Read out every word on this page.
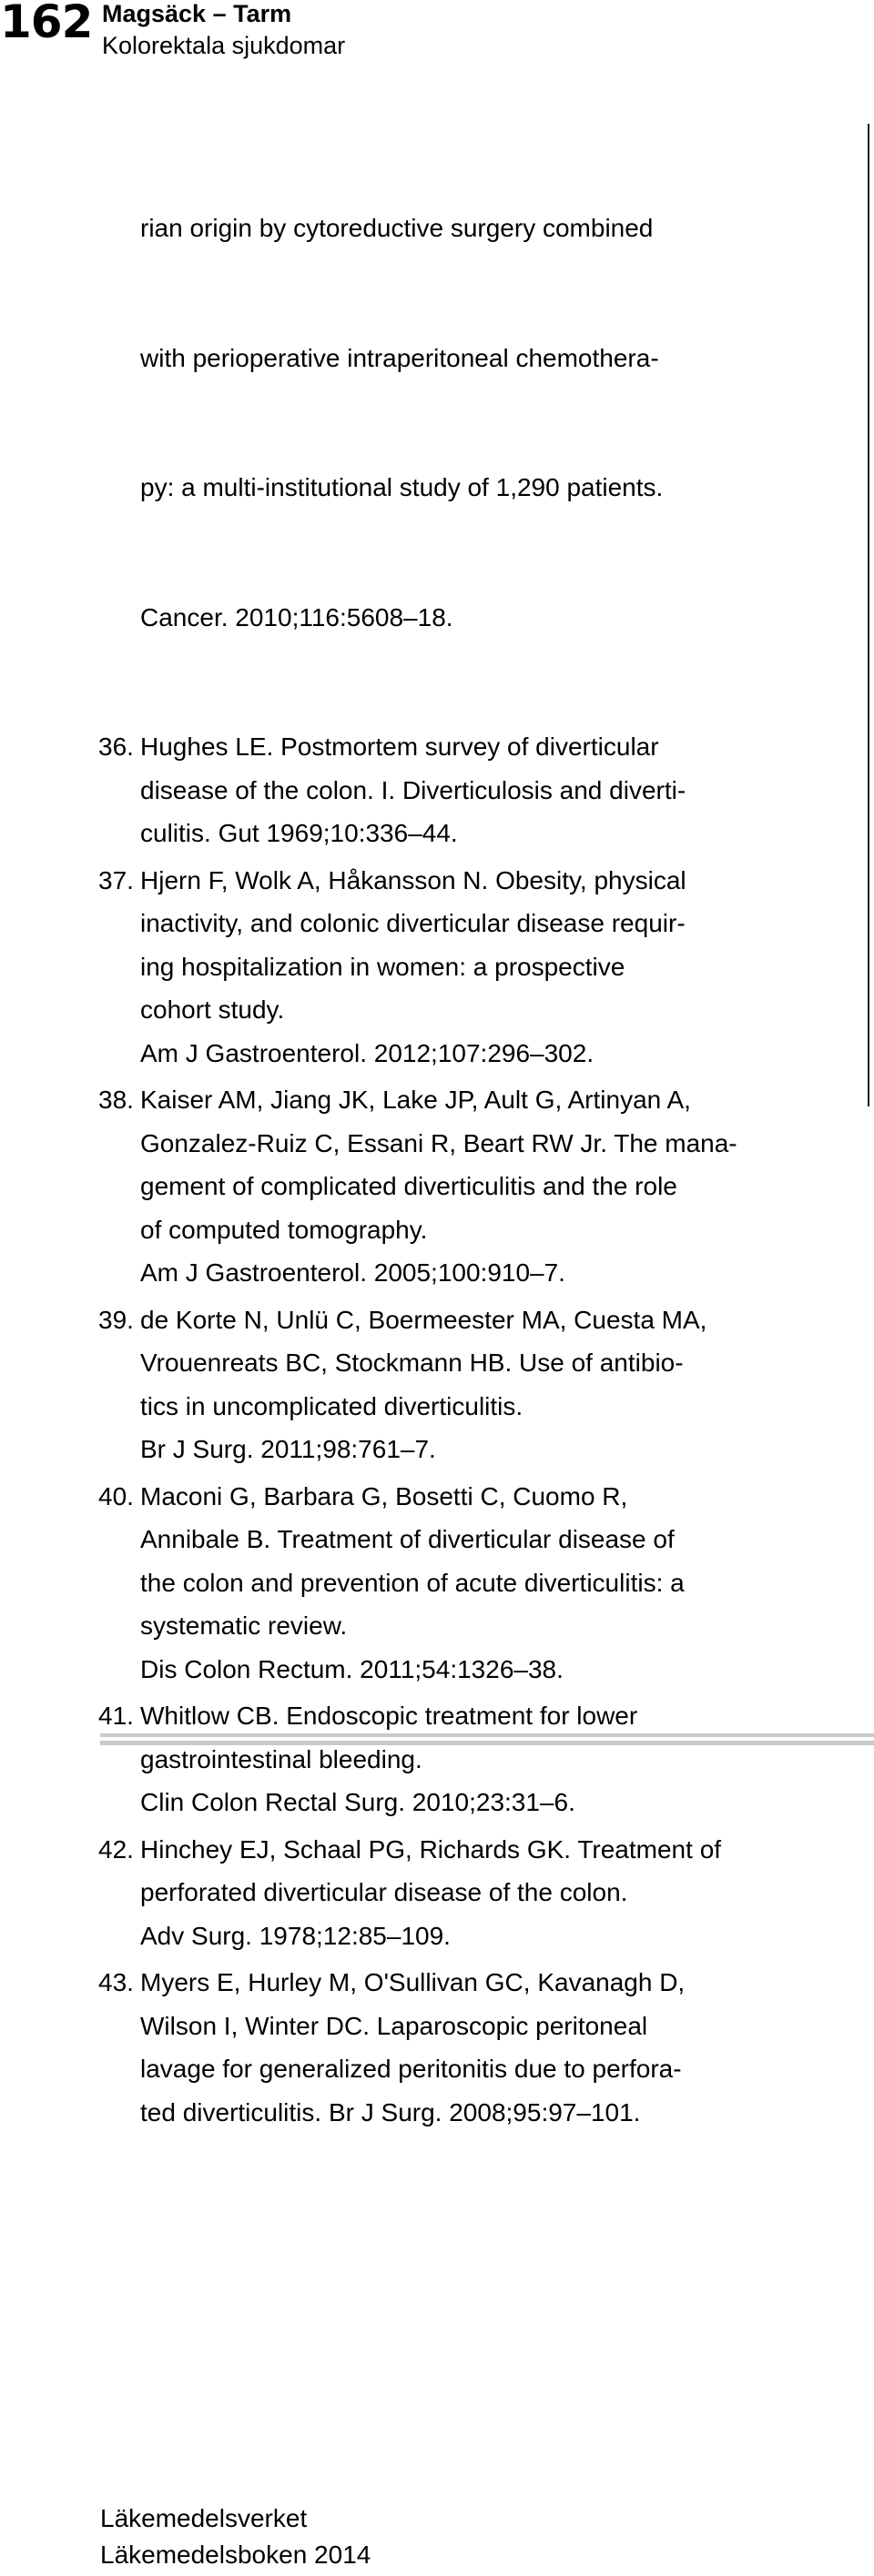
162 Magsäck – Tarm
Kolorektala sjukdomar

rian origin by cytoreductive surgery combined

with perioperative intraperitoneal chemothera-

py: a multi-institutional study of 1,290 patients.

Cancer. 2010;116:5608–18.

36. Hughes LE. Postmortem survey of diverticular
disease of the colon. I. Diverticulosis and diverti-
culitis. Gut 1969;10:336–44.
37. Hjern F, Wolk A, Håkansson N. Obesity, physical
inactivity, and colonic diverticular disease requir-
ing hospitalization in women: a prospective
cohort study.
Am J Gastroenterol. 2012;107:296–302.
38. Kaiser AM, Jiang JK, Lake JP, Ault G, Artinyan A,
Gonzalez-Ruiz C, Essani R, Beart RW Jr. The mana-
gement of complicated diverticulitis and the role
of computed tomography.
Am J Gastroenterol. 2005;100:910–7.
39. de Korte N, Unlü C, Boermeester MA, Cuesta MA,
Vrouenreats BC, Stockmann HB. Use of antibio-
tics in uncomplicated diverticulitis.
Br J Surg. 2011;98:761–7.
40. Maconi G, Barbara G, Bosetti C, Cuomo R,
Annibale B. Treatment of diverticular disease of
the colon and prevention of acute diverticulitis: a
systematic review.
Dis Colon Rectum. 2011;54:1326–38.
41. Whitlow CB. Endoscopic treatment for lower
gastrointestinal bleeding.
Clin Colon Rectal Surg. 2010;23:31–6.
42. Hinchey EJ, Schaal PG, Richards GK. Treatment of
perforated diverticular disease of the colon.
Adv Surg. 1978;12:85–109.
43. Myers E, Hurley M, O'Sullivan GC, Kavanagh D,
Wilson I, Winter DC. Laparoscopic peritoneal
lavage for generalized peritonitis due to perfora-
ted diverticulitis. Br J Surg. 2008;95:97–101.
Läkemedelsverket
Läkemedelsboken 2014
